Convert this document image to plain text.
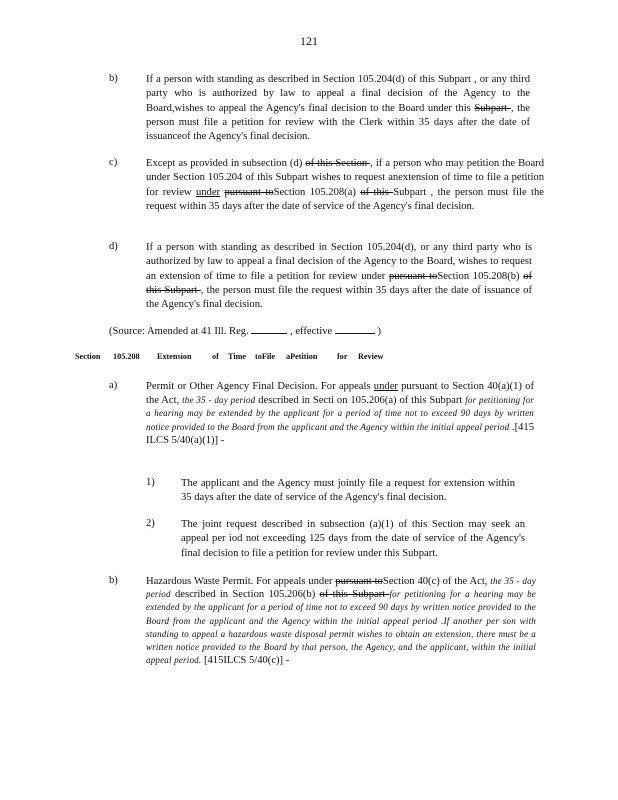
121
b)	If a person with standing as described in Section 105.204(d) of this Subpart , or any third party who is authorized by law to appeal a final decision of the Agency to the Board,wishes to appeal the Agency's final decision to the Board under this Subpart , the person must file a petition for review with the Clerk within 35 days after the date of issuanceof the Agency's final decision.
c)	Except as provided in subsection (d) of this Section , if a person who may petition the Board under Section 105.204 of this Subpart wishes to request anextension of time to file a petition for review under pursuant toSection 105.208(a) of this Subpart , the person must file the request within 35 days after the date of service of the Agency's final decision.
d)	If a person with standing as described in Section 105.204(d), or any third party who is authorized by law to appeal a final decision of the Agency to the Board, wishes to request an extension of time to file a petition for review under pursuant toSection 105.208(b) of this Subpart , the person must file the request within 35 days after the date of issuance of the Agency's final decision.
(Source: Amended at 41 Ill. Reg.	, effective	)
Section 105.208 Extension of Time toFile aPetition for Review
a)	Permit or Other Agency Final Decision. For appeals under pursuant to Section 40(a)(1) of the Act, the 35 - day period described in Secti on 105.206(a) of this Subpart for petitioning for a hearing may be extended by the applicant for a period of time not to exceed 90 days by written notice provided to the Board from the applicant and the Agency within the initial appeal period .[415 ILCS 5/40(a)(1)] -
1) The applicant and the Agency must jointly file a request for extension within 35 days after the date of service of the Agency's final decision.
2) The joint request described in subsection (a)(1) of this Section may seek an appeal per iod not exceeding 125 days from the date of service of the Agency's final decision to file a petition for review under this Subpart.
b)	Hazardous Waste Permit. For appeals under pursuant toSection 40(c) of the Act, the 35 - day period described in Section 105.206(b) of this Subpart for petitioning for a hearing may be extended by the applicant for a period of time not to exceed 90 days by written notice provided to the Board from the applicant and the Agency within the initial appeal period .If another per son with standing to appeal a hazardous waste disposal permit wishes to obtain an extension, there must be a written notice provided to the Board by that person, the Agency, and the applicant, within the initial appeal period. [415ILCS 5/40(c)] -
